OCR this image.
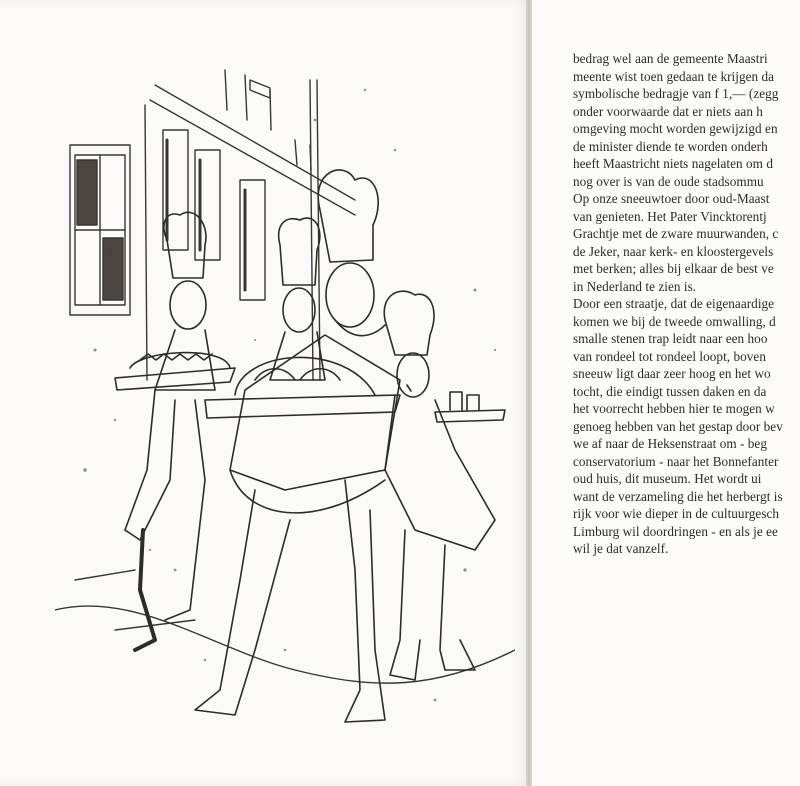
bedrag wel aan de gemeente Maastri
meente wist toen gedaan te krijgen da
symbolische bedragje van f 1,— (zegg
onder voorwaarde dat er niets aan h
omgeving mocht worden gewijzigd en
de minister diende te worden onderh
heeft Maastricht niets nagelaten om d
nog over is van de oude stadsommu
Op onze sneeuwtoer door oud-Maast
van genieten. Het Pater Vincktorentj
Grachtje met de zware muurwanden, c
de Jeker, naar kerk- en kloostergevels
met berken; alles bij elkaar de best ve
in Nederland te zien is.
Door een straatje, dat de eigenaardige
komen we bij de tweede omwalling, d
smalle stenen trap leidt naar een hoo
van rondeel tot rondeel loopt, boven
sneeuw ligt daar zeer hoog en het wo
tocht, die eindigt tussen daken en da
het voorrecht hebben hier te mogen w
genoeg hebben van het gestap door bev
we af naar de Heksenstraat om - beg
conservatorium - naar het Bonnefanter
oud huis, dit museum. Het wordt ui
want de verzameling die het herbergt is
rijk voor wie dieper in de cultuurgesch
Limburg wil doordringen - en als je ee
wil je dat vanzelf.
